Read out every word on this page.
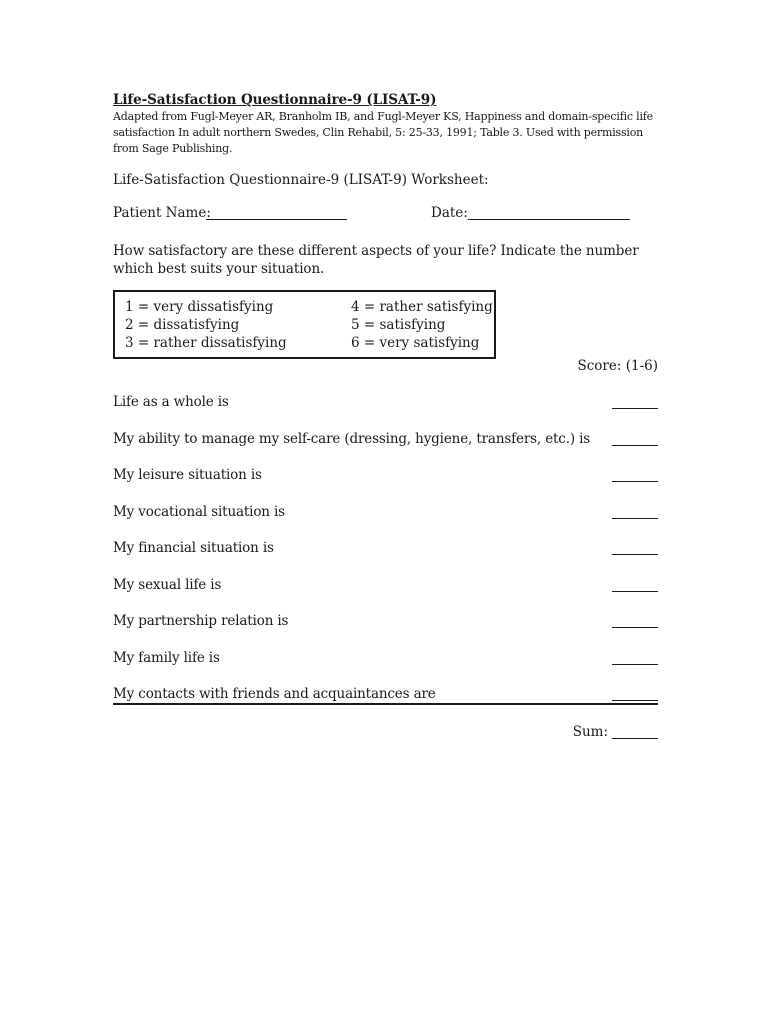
Life-Satisfaction Questionnaire-9 (LISAT-9)
Adapted from Fugl-Meyer AR, Branholm IB, and Fugl-Meyer KS, Happiness and domain-specific life satisfaction In adult northern Swedes, Clin Rehabil, 5: 25-33, 1991; Table 3. Used with permission from Sage Publishing.
Life-Satisfaction Questionnaire-9 (LISAT-9) Worksheet:
Patient Name:	Date:
How satisfactory are these different aspects of your life? Indicate the number which best suits your situation.
1 = very dissatisfying
2 = dissatisfying
3 = rather dissatisfying
4 = rather satisfying
5 = satisfying
6 = very satisfying
Score: (1-6)
Life as a whole is
My ability to manage my self-care (dressing, hygiene, transfers, etc.) is
My leisure situation is
My vocational situation is
My financial situation is
My sexual life is
My partnership relation is
My family life is
My contacts with friends and acquaintances are
Sum:
